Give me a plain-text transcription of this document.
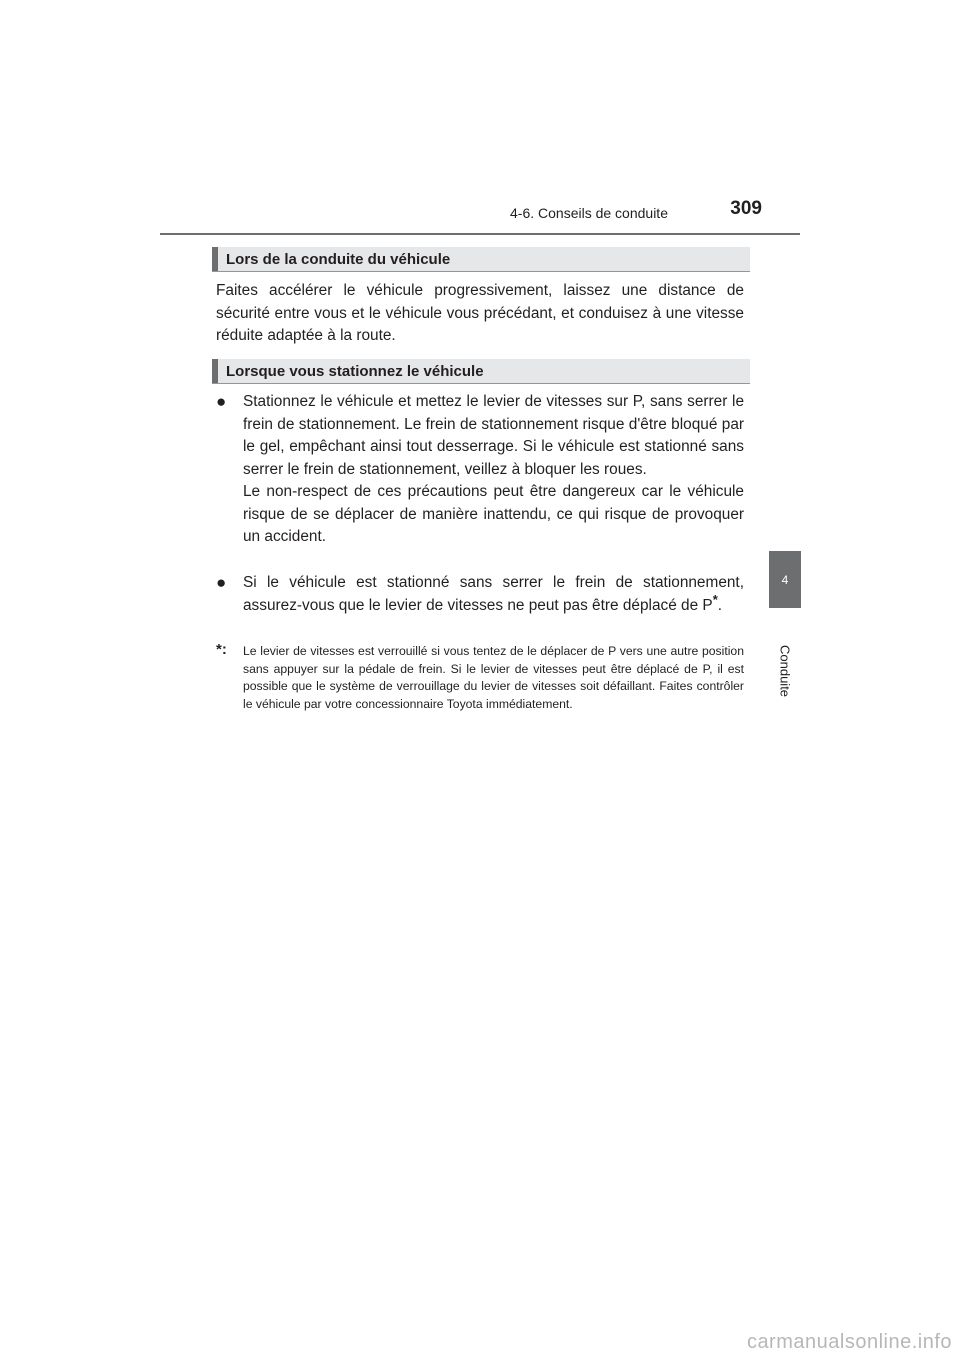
4-6. Conseils de conduite	309
4
Conduite
Lors de la conduite du véhicule
Faites accélérer le véhicule progressivement, laissez une distance de sécurité entre vous et le véhicule vous précédant, et conduisez à une vitesse réduite adaptée à la route.
Lorsque vous stationnez le véhicule
● Stationnez le véhicule et mettez le levier de vitesses sur P, sans serrer le frein de stationnement. Le frein de stationnement risque d'être bloqué par le gel, empêchant ainsi tout desserrage. Si le véhicule est stationné sans serrer le frein de stationnement, veillez à bloquer les roues.
Le non-respect de ces précautions peut être dangereux car le véhicule risque de se déplacer de manière inattendu, ce qui risque de provoquer un accident.
● Si le véhicule est stationné sans serrer le frein de stationnement, assurez-vous que le levier de vitesses ne peut pas être déplacé de P*.
*: Le levier de vitesses est verrouillé si vous tentez de le déplacer de P vers une autre position sans appuyer sur la pédale de frein. Si le levier de vitesses peut être déplacé de P, il est possible que le système de verrouillage du levier de vitesses soit défaillant. Faites contrôler le véhicule par votre concessionnaire Toyota immédiatement.
carmanualsonline.info
